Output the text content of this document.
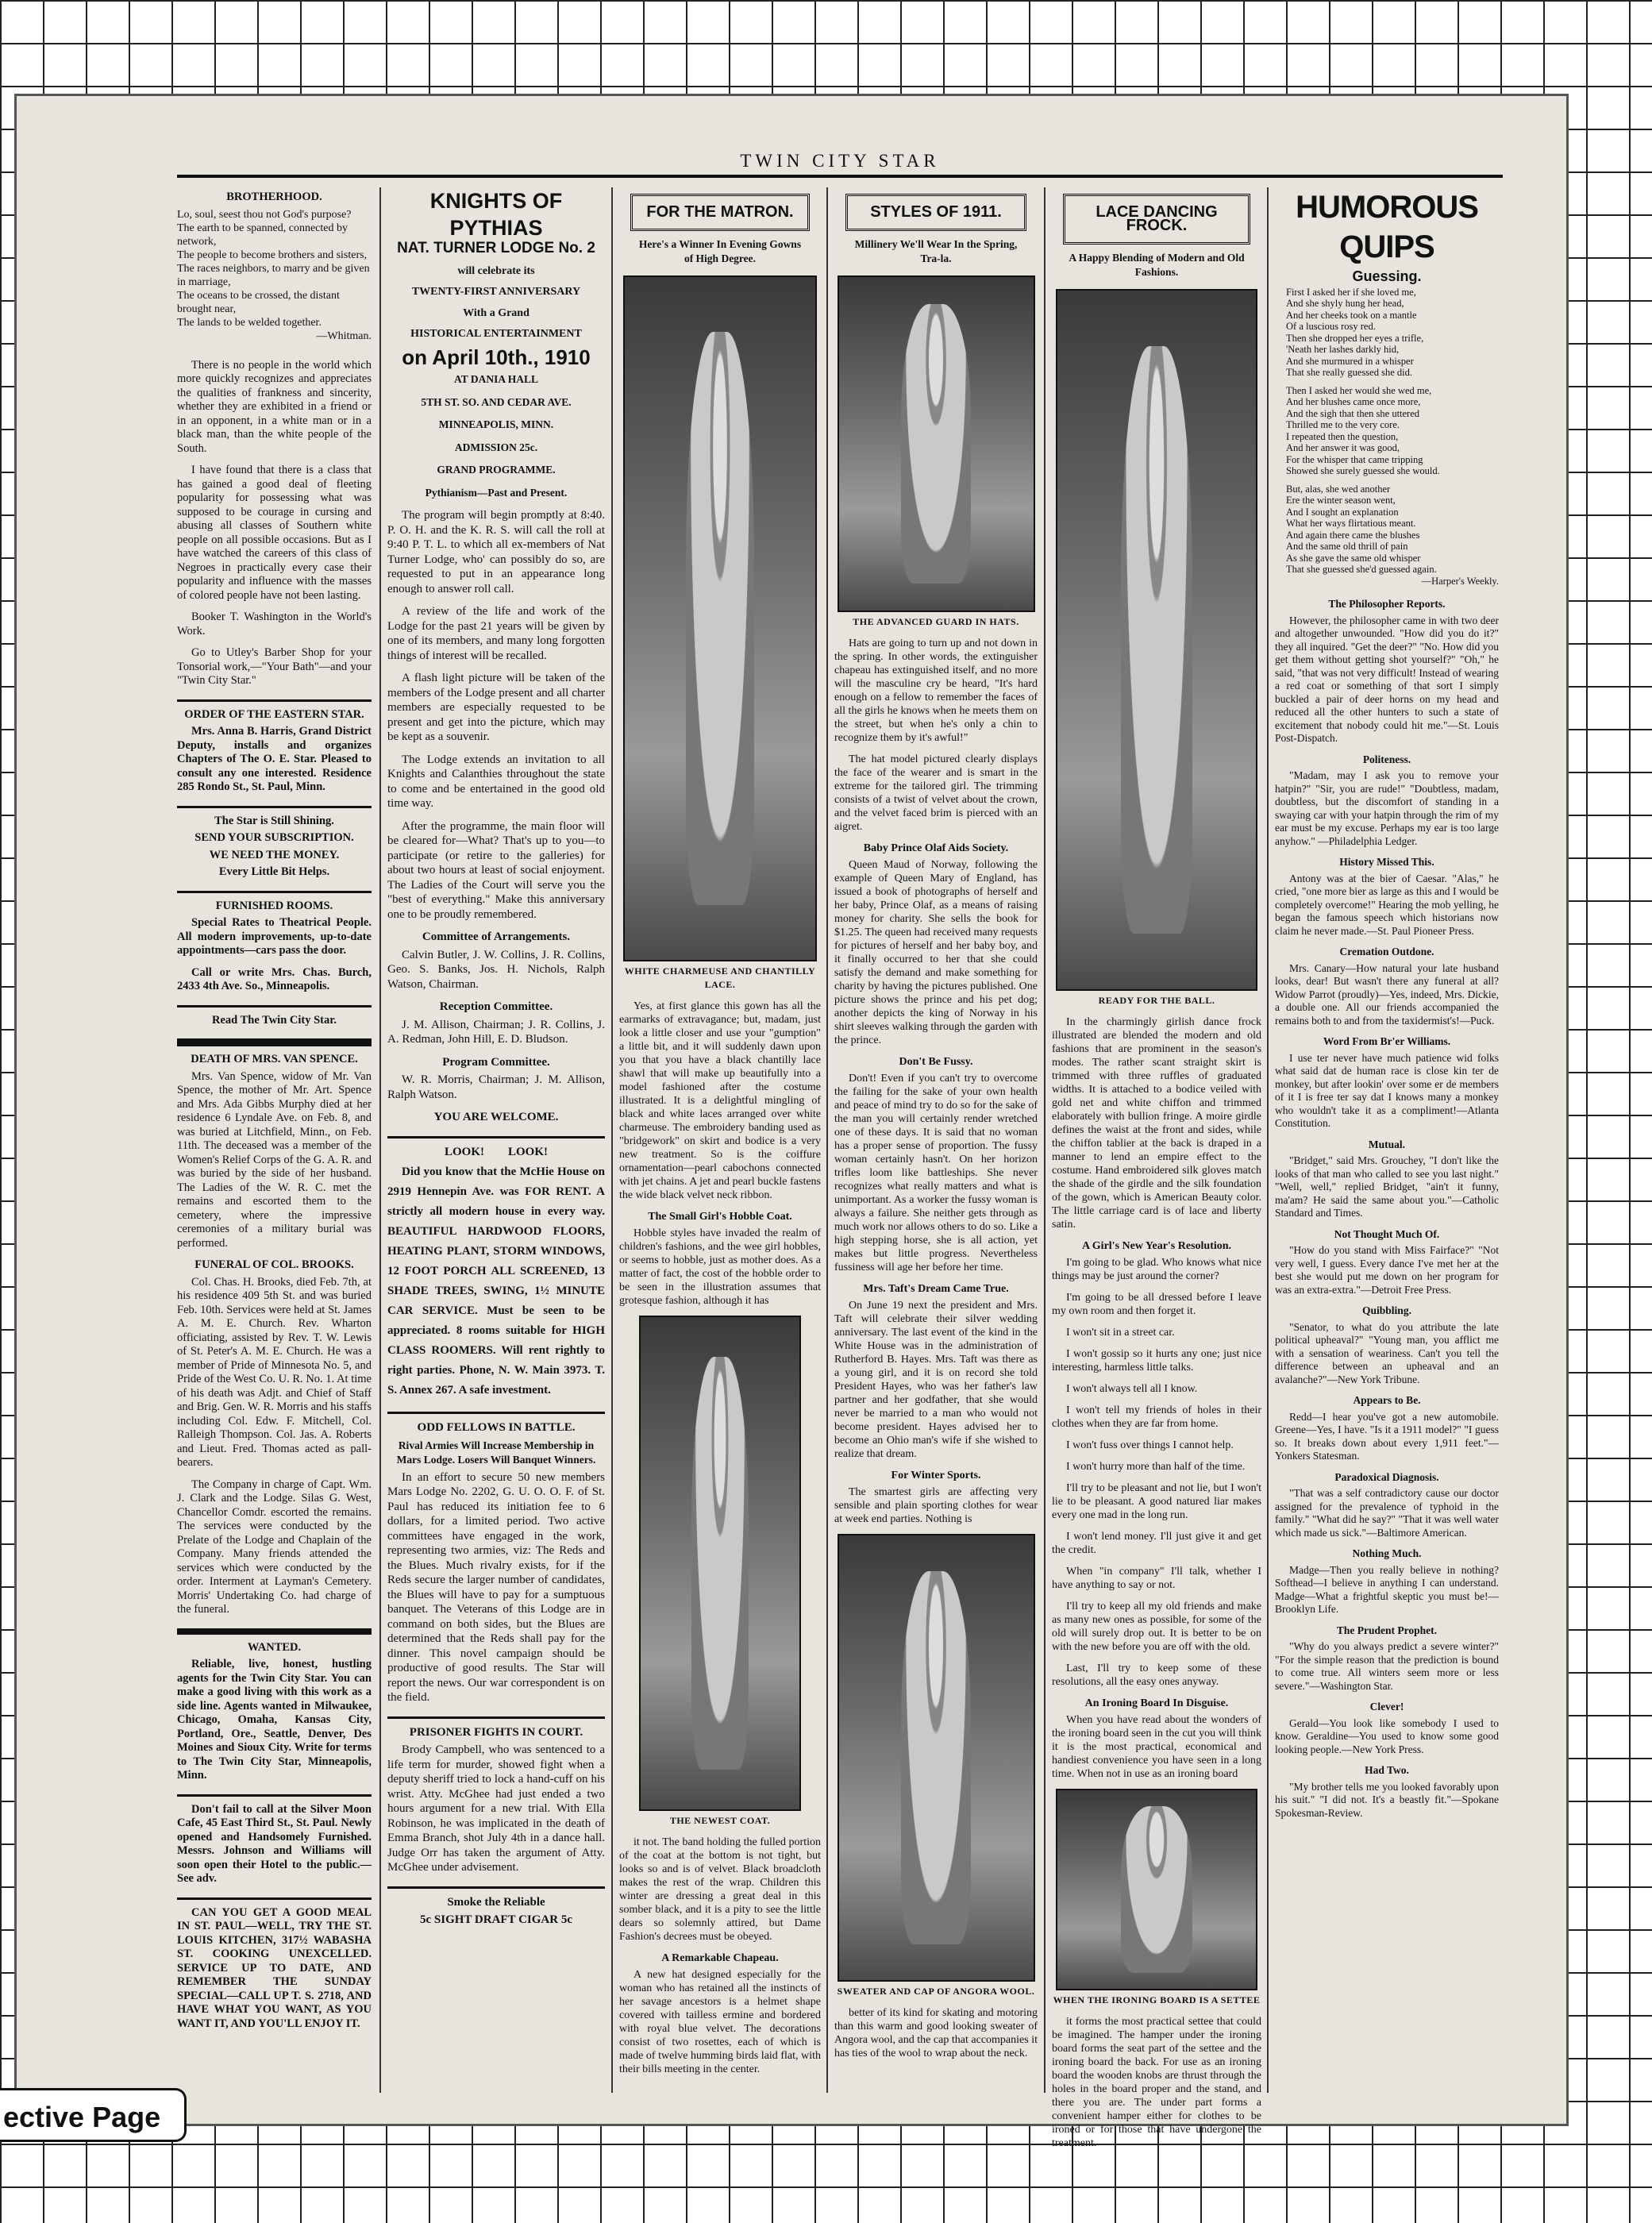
TWIN CITY STAR
BROTHERHOOD.
Lo, soul, seest thou not God's purpose?
The earth to be spanned, connected by network,
The people to become brothers and sisters,
The races neighbors, to marry and be given in marriage,
The oceans to be crossed, the distant brought near,
The lands to be welded together.
—Whitman.

There is no people in the world which more quickly recognizes and appreciates the qualities of frankness and sincerity, whether they are exhibited in a friend or in an opponent, in a white man or in a black man, than the white people of the South.

I have found that there is a class that has gained a good deal of fleeting popularity for possessing what was supposed to be courage in cursing and abusing all classes of Southern white people on all possible occasions. But as I have watched the careers of this class of Negroes in practically every case their popularity and influence with the masses of colored people have not been lasting.

Booker T. Washington in the World's Work.

Go to Utley's Barber Shop for your Tonsorial work,—"Your Bath"—and your "Twin City Star."

ORDER OF THE EASTERN STAR.

Mrs. Anna B. Harris, Grand District Deputy, installs and organizes Chapters of The O. E. Star. Pleased to consult any one interested. Residence 285 Rondo St., St. Paul, Minn.

The Star is Still Shining.
SEND YOUR SUBSCRIPTION.
WE NEED THE MONEY.
Every Little Bit Helps.
FURNISHED ROOMS.

Special Rates to Theatrical People. All modern improvements, up-to-date appointments—cars pass the door.

Call or write Mrs. Chas. Burch, 2433 4th Ave. So., Minneapolis.

Read The Twin City Star.
DEATH OF MRS. VAN SPENCE.

Mrs. Van Spence, widow of Mr. Van Spence, the mother of Mr. Art. Spence and Mrs. Ada Gibbs Murphy died at her residence 6 Lyndale Ave. on Feb. 8, and was buried at Litchfield, Minn., on Feb. 11th. The deceased was a member of the Women's Relief Corps of the G. A. R. and was buried by the side of her husband. The Ladies of the W. R. C. met the remains and escorted them to the cemetery, where the impressive ceremonies of a military burial was performed.

FUNERAL OF COL. BROOKS.

Col. Chas. H. Brooks, died Feb. 7th, at his residence 409 5th St. and was buried Feb. 10th. Services were held at St. James A. M. E. Church. Rev. Wharton officiating, assisted by Rev. T. W. Lewis of St. Peter's A. M. E. Church. He was a member of Pride of Minnesota No. 5, and Pride of the West Co. U. R. No. 1. At time of his death was Adjt. and Chief of Staff and Brig. Gen. W. R. Morris and his staffs including Col. Edw. F. Mitchell, Col. Ralleigh Thompson. Col. Jas. A. Roberts and Lieut. Fred. Thomas acted as pall-bearers.

The Company in charge of Capt. Wm. J. Clark and the Lodge. Silas G. West, Chancellor Comdr. escorted the remains. The services were conducted by the Prelate of the Lodge and Chaplain of the Company. Many friends attended the services which were conducted by the order. Interment at Layman's Cemetery. Morris' Undertaking Co. had charge of the funeral.

WANTED.

Reliable, live, honest, hustling agents for the Twin City Star. You can make a good living with this work as a side line. Agents wanted in Milwaukee, Chicago, Omaha, Kansas City, Portland, Ore., Seattle, Denver, Des Moines and Sioux City. Write for terms to The Twin City Star, Minneapolis, Minn.

Don't fail to call at the Silver Moon Cafe, 45 East Third St., St. Paul. Newly opened and Handsomely Furnished. Messrs. Johnson and Williams will soon open their Hotel to the public.—See adv.

CAN YOU GET A GOOD MEAL IN ST. PAUL—WELL, TRY THE ST. LOUIS KITCHEN, 317½ WABASHA ST. COOKING UNEXCELLED. SERVICE UP TO DATE, AND REMEMBER THE SUNDAY SPECIAL—CALL UP T. S. 2718, AND HAVE WHAT YOU WANT, AS YOU WANT IT, AND YOU'LL ENJOY IT.

KNIGHTS OF PYTHIAS
NAT. TURNER LODGE No. 2
will celebrate its
TWENTY-FIRST ANNIVERSARY
With a Grand
HISTORICAL ENTERTAINMENT
on April 10th., 1910
AT DANIA HALL
5TH ST. SO. AND CEDAR AVE.
MINNEAPOLIS, MINN.
ADMISSION 25c.
GRAND PROGRAMME.
Pythianism—Past and Present.

The program will begin promptly at 8:40. P. O. H. and the K. R. S. will call the roll at 9:40 P. T. L. to which all ex-members of Nat Turner Lodge, who' can possibly do so, are requested to put in an appearance long enough to answer roll call.

A review of the life and work of the Lodge for the past 21 years will be given by one of its members, and many long forgotten things of interest will be recalled.

A flash light picture will be taken of the members of the Lodge present and all charter members are especially requested to be present and get into the picture, which may be kept as a souvenir.

The Lodge extends an invitation to all Knights and Calanthies throughout the state to come and be entertained in the good old time way.

After the programme, the main floor will be cleared for—What? That's up to you—to participate (or retire to the galleries) for about two hours at least of social enjoyment. The Ladies of the Court will serve you the "best of everything." Make this anniversary one to be proudly remembered.

Committee of Arrangements.

Calvin Butler, J. W. Collins, J. R. Collins, Geo. S. Banks, Jos. H. Nichols, Ralph Watson, Chairman.

Reception Committee.

J. M. Allison, Chairman; J. R. Collins, J. A. Redman, John Hill, E. D. Bludson.

Program Committee.

W. R. Morris, Chairman; J. M. Allison, Ralph Watson.

YOU ARE WELCOME.
LOOK!        LOOK!

Did you know that the McHie House on 2919 Hennepin Ave. was FOR RENT. A strictly all modern house in every way. BEAUTIFUL HARDWOOD FLOORS, HEATING PLANT, STORM WINDOWS, 12 FOOT PORCH ALL SCREENED, 13 SHADE TREES, SWING, 1½ MINUTE CAR SERVICE. Must be seen to be appreciated. 8 rooms suitable for HIGH CLASS ROOMERS. Will rent rightly to right parties. Phone, N. W. Main 3973. T. S. Annex 267. A safe investment.

ODD FELLOWS IN BATTLE.
Rival Armies Will Increase Membership in Mars Lodge. Losers Will Banquet Winners.

In an effort to secure 50 new members Mars Lodge No. 2202, G. U. O. O. F. of St. Paul has reduced its initiation fee to 6 dollars, for a limited period. Two active committees have engaged in the work, representing two armies, viz: The Reds and the Blues. Much rivalry exists, for if the Reds secure the larger number of candidates, the Blues will have to pay for a sumptuous banquet. The Veterans of this Lodge are in command on both sides, but the Blues are determined that the Reds shall pay for the dinner. This novel campaign should be productive of good results. The Star will report the news. Our war correspondent is on the field.

PRISONER FIGHTS IN COURT.

Brody Campbell, who was sentenced to a life term for murder, showed fight when a deputy sheriff tried to lock a hand-cuff on his wrist. Atty. McGhee had just ended a two hours argument for a new trial. With Ella Robinson, he was implicated in the death of Emma Branch, shot July 4th in a dance hall. Judge Orr has taken the argument of Atty. McGhee under advisement.

Smoke the Reliable
5c SIGHT DRAFT CIGAR 5c
FOR THE MATRON.
Here's a Winner In Evening Gowns of High Degree.
WHITE CHARMEUSE AND CHANTILLY LACE.

Yes, at first glance this gown has all the earmarks of extravagance; but, madam, just look a little closer and use your "gumption" a little bit, and it will suddenly dawn upon you that you have a black chantilly lace shawl that will make up beautifully into a model fashioned after the costume illustrated. It is a delightful mingling of black and white laces arranged over white charmeuse. The embroidery banding used as "bridgework" on skirt and bodice is a very new treatment. So is the coiffure ornamentation—pearl cabochons connected with jet chains. A jet and pearl buckle fastens the wide black velvet neck ribbon.

The Small Girl's Hobble Coat.

Hobble styles have invaded the realm of children's fashions, and the wee girl hobbles, or seems to hobble, just as mother does. As a matter of fact, the cost of the hobble order to be seen in the illustration assumes that grotesque fashion, although it has

THE NEWEST COAT.

it not. The band holding the fulled portion of the coat at the bottom is not tight, but looks so and is of velvet. Black broadcloth makes the rest of the wrap. Children this winter are dressing a great deal in this somber black, and it is a pity to see the little dears so solemnly attired, but Dame Fashion's decrees must be obeyed.

A Remarkable Chapeau.

A new hat designed especially for the woman who has retained all the instincts of her savage ancestors is a helmet shape covered with tailless ermine and bordered with royal blue velvet. The decorations consist of two rosettes, each of which is made of twelve humming birds laid flat, with their bills meeting in the center.

STYLES OF 1911.
Millinery We'll Wear In the Spring, Tra-la.
THE ADVANCED GUARD IN HATS.

Hats are going to turn up and not down in the spring. In other words, the extinguisher chapeau has extinguished itself, and no more will the masculine cry be heard, "It's hard enough on a fellow to remember the faces of all the girls he knows when he meets them on the street, but when he's only a chin to recognize them by it's awful!"

The hat model pictured clearly displays the face of the wearer and is smart in the extreme for the tailored girl. The trimming consists of a twist of velvet about the crown, and the velvet faced brim is pierced with an aigret.

Baby Prince Olaf Aids Society.

Queen Maud of Norway, following the example of Queen Mary of England, has issued a book of photographs of herself and her baby, Prince Olaf, as a means of raising money for charity. She sells the book for $1.25. The queen had received many requests for pictures of herself and her baby boy, and it finally occurred to her that she could satisfy the demand and make something for charity by having the pictures published. One picture shows the prince and his pet dog; another depicts the king of Norway in his shirt sleeves walking through the garden with the prince.

Don't Be Fussy.

Don't! Even if you can't try to overcome the failing for the sake of your own health and peace of mind try to do so for the sake of the man you will certainly render wretched one of these days. It is said that no woman has a proper sense of proportion. The fussy woman certainly hasn't. On her horizon trifles loom like battleships. She never recognizes what really matters and what is unimportant. As a worker the fussy woman is always a failure. She neither gets through as much work nor allows others to do so. Like a high stepping horse, she is all action, yet makes but little progress. Nevertheless fussiness will age her before her time.

Mrs. Taft's Dream Came True.

On June 19 next the president and Mrs. Taft will celebrate their silver wedding anniversary. The last event of the kind in the White House was in the administration of Rutherford B. Hayes. Mrs. Taft was there as a young girl, and it is on record she told President Hayes, who was her father's law partner and her godfather, that she would never be married to a man who would not become president. Hayes advised her to become an Ohio man's wife if she wished to realize that dream.

For Winter Sports.

The smartest girls are affecting very sensible and plain sporting clothes for wear at week end parties. Nothing is

SWEATER AND CAP OF ANGORA WOOL.

better of its kind for skating and motoring than this warm and good looking sweater of Angora wool, and the cap that accompanies it has ties of the wool to wrap about the neck.

LACE DANCING FROCK.
A Happy Blending of Modern and Old Fashions.
READY FOR THE BALL.

In the charmingly girlish dance frock illustrated are blended the modern and old fashions that are prominent in the season's modes. The rather scant straight skirt is trimmed with three ruffles of graduated widths. It is attached to a bodice veiled with gold net and white chiffon and trimmed elaborately with bullion fringe. A moire girdle defines the waist at the front and sides, while the chiffon tablier at the back is draped in a manner to lend an empire effect to the costume. Hand embroidered silk gloves match the shade of the girdle and the silk foundation of the gown, which is American Beauty color. The little carriage card is of lace and liberty satin.

A Girl's New Year's Resolution.

I'm going to be glad. Who knows what nice things may be just around the corner?

I'm going to be all dressed before I leave my own room and then forget it.

I won't sit in a street car.

I won't gossip so it hurts any one; just nice interesting, harmless little talks.

I won't always tell all I know.

I won't tell my friends of holes in their clothes when they are far from home.

I won't fuss over things I cannot help.

I won't hurry more than half of the time.

I'll try to be pleasant and not lie, but I won't lie to be pleasant. A good natured liar makes every one mad in the long run.

I won't lend money. I'll just give it and get the credit.

When "in company" I'll talk, whether I have anything to say or not.

I'll try to keep all my old friends and make as many new ones as possible, for some of the old will surely drop out. It is better to be on with the new before you are off with the old.

Last, I'll try to keep some of these resolutions, all the easy ones anyway.

An Ironing Board In Disguise.

When you have read about the wonders of the ironing board seen in the cut you will think it is the most practical, economical and handiest convenience you have seen in a long time. When not in use as an ironing board

WHEN THE IRONING BOARD IS A SETTEE

it forms the most practical settee that could be imagined. The hamper under the ironing board forms the seat part of the settee and the ironing board the back. For use as an ironing board the wooden knobs are thrust through the holes in the board proper and the stand, and there you are. The under part forms a convenient hamper either for clothes to be ironed or for those that have undergone the treatment.

HUMOROUS QUIPS
Guessing.
First I asked her if she loved me,
And she shyly hung her head,
And her cheeks took on a mantle
Of a luscious rosy red.
Then she dropped her eyes a trifle,
'Neath her lashes darkly hid,
And she murmured in a whisper
That she really guessed she did.
Then I asked her would she wed me,
And her blushes came once more,
And the sigh that then she uttered
Thrilled me to the very core.
I repeated then the question,
And her answer it was good,
For the whisper that came tripping
Showed she surely guessed she would.
But, alas, she wed another
Ere the winter season went,
And I sought an explanation
What her ways flirtatious meant.
And again there came the blushes
And the same old thrill of pain
As she gave the same old whisper
That she guessed she'd guessed again.
—Harper's Weekly.
The Philosopher Reports.

However, the philosopher came in with two deer and altogether unwounded. "How did you do it?" they all inquired. "Get the deer?" "No. How did you get them without getting shot yourself?" "Oh," he said, "that was not very difficult! Instead of wearing a red coat or something of that sort I simply buckled a pair of deer horns on my head and reduced all the other hunters to such a state of excitement that nobody could hit me."—St. Louis Post-Dispatch.

Politeness.

"Madam, may I ask you to remove your hatpin?" "Sir, you are rude!" "Doubtless, madam, doubtless, but the discomfort of standing in a swaying car with your hatpin through the rim of my ear must be my excuse. Perhaps my ear is too large anyhow." —Philadelphia Ledger.

History Missed This.

Antony was at the bier of Caesar. "Alas," he cried, "one more bier as large as this and I would be completely overcome!" Hearing the mob yelling, he began the famous speech which historians now claim he never made.—St. Paul Pioneer Press.

Cremation Outdone.

Mrs. Canary—How natural your late husband looks, dear! But wasn't there any funeral at all? Widow Parrot (proudly)—Yes, indeed, Mrs. Dickie, a double one. All our friends accompanied the remains both to and from the taxidermist's!—Puck.

Word From Br'er Williams.

I use ter never have much patience wid folks what said dat de human race is close kin ter de monkey, but after lookin' over some er de members of it I is free ter say dat I knows many a monkey who wouldn't take it as a compliment!—Atlanta Constitution.

Mutual.

"Bridget," said Mrs. Grouchey, "I don't like the looks of that man who called to see you last night." "Well, well," replied Bridget, "ain't it funny, ma'am? He said the same about you."—Catholic Standard and Times.

Not Thought Much Of.

"How do you stand with Miss Fairface?" "Not very well, I guess. Every dance I've met her at the best she would put me down on her program for was an extra-extra."—Detroit Free Press.

Quibbling.

"Senator, to what do you attribute the late political upheaval?" "Young man, you afflict me with a sensation of weariness. Can't you tell the difference between an upheaval and an avalanche?"—New York Tribune.

Appears to Be.

Redd—I hear you've got a new automobile. Greene—Yes, I have. "Is it a 1911 model?" "I guess so. It breaks down about every 1,911 feet."—Yonkers Statesman.

Paradoxical Diagnosis.

"That was a self contradictory cause our doctor assigned for the prevalence of typhoid in the family." "What did he say?" "That it was well water which made us sick."—Baltimore American.

Nothing Much.

Madge—Then you really believe in nothing? Softhead—I believe in anything I can understand. Madge—What a frightful skeptic you must be!—Brooklyn Life.

The Prudent Prophet.

"Why do you always predict a severe winter?" "For the simple reason that the prediction is bound to come true. All winters seem more or less severe."—Washington Star.

Clever!

Gerald—You look like somebody I used to know. Geraldine—You used to know some good looking people.—New York Press.

Had Two.

"My brother tells me you looked favorably upon his suit." "I did not. It's a beastly fit."—Spokane Spokesman-Review.

ective Page
